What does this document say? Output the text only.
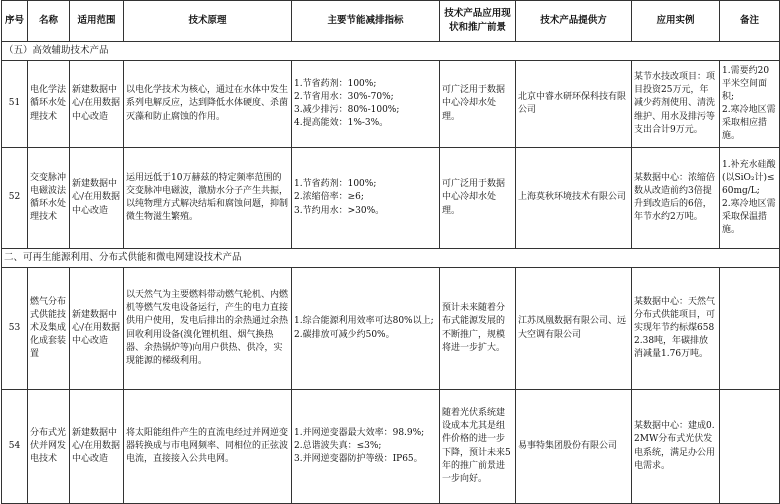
序号	名称	适用范围	技术原理	主要节能减排指标	技术产品应用现状和推广前景	技术产品提供方	应用实例	备注
（五）高效辅助技术产品								
51	电化学法循环水处理技术	新建数据中心/在用数据中心改造	以电化学技术为核心，通过在水体中发生系列电解反应，达到降低水体硬度、杀菌灭藻和防止腐蚀的作用。	1.节省药剂：100%;
2.节省用水：30%-70%;
3.减少排污：80%-100%;
4.提高能效：1%-3%。	可广泛用于数据中心冷却水处理。	北京中睿水研环保科技有限公司	某节水技改项目：项目投资25万元，年减少药剂使用、清洗维护、用水及排污等支出合计9万元。	1.需要约20平米空间面积;
2.寒冷地区需采取相应措施。

52	交变脉冲电磁波法循环水处理技术	新建数据中心/在用数据中心改造	运用远低于10万赫兹的特定频率范围的交变脉冲电磁波，激励水分子产生共振，以纯物理方式解决结垢和腐蚀问题，抑制微生物滋生繁殖。	1.节省药剂：100%;
2.浓缩倍率：≥6;
3.节约用水：>30%。	可广泛用于数据中心冷却水处理。	上海莫秋环境技术有限公司	某数据中心：浓缩倍数从改造前约3倍提升到改造后的6倍，年节水约2万吨。	1.补充水硅酸(以SiO₂计)≤60mg/L;
2.寒冷地区需采取保温措施。

二、可再生能源利用、分布式供能和微电网建设技术产品								
53	燃气分布式供能技术及集成化成套装置	新建数据中心/在用数据中心改造	以天然气为主要燃料带动燃气轮机、内燃机等燃气发电设备运行，产生的电力直接供用户使用，发电后排出的余热通过余热回收利用设备(溴化锂机组、烟气换热器、余热锅炉等)向用户供热、供冷，实现能源的梯级利用。	1.综合能源利用效率可达80%以上;
2.碳排放可减少约50%。	预计未来随着分布式能源发展的不断推广，规模将进一步扩大。	江苏凤凰数据有限公司、远大空调有限公司	某数据中心：天然气分布式供能项目，可实现年节约标煤6582.38吨，年碳排放消减量1.76万吨。	
54	分布式光伏并网发电技术	新建数据中心/在用数据中心改造	将太阳能组件产生的直流电经过并网逆变器转换成与市电网频率、同相位的正弦波电流，直接接入公共电网。	1.并网逆变器最大效率：98.9%;
2.总谐波失真：≤3%;
3.并网逆变器防护等级：IP65。	随着光伏系统建设成本尤其是组件价格的进一步下降，预计未来5年的推广前景进一步向好。	易事特集团股份有限公司	某数据中心：建成0.2MW分布式光伏发电系统，满足办公用电需求。	
